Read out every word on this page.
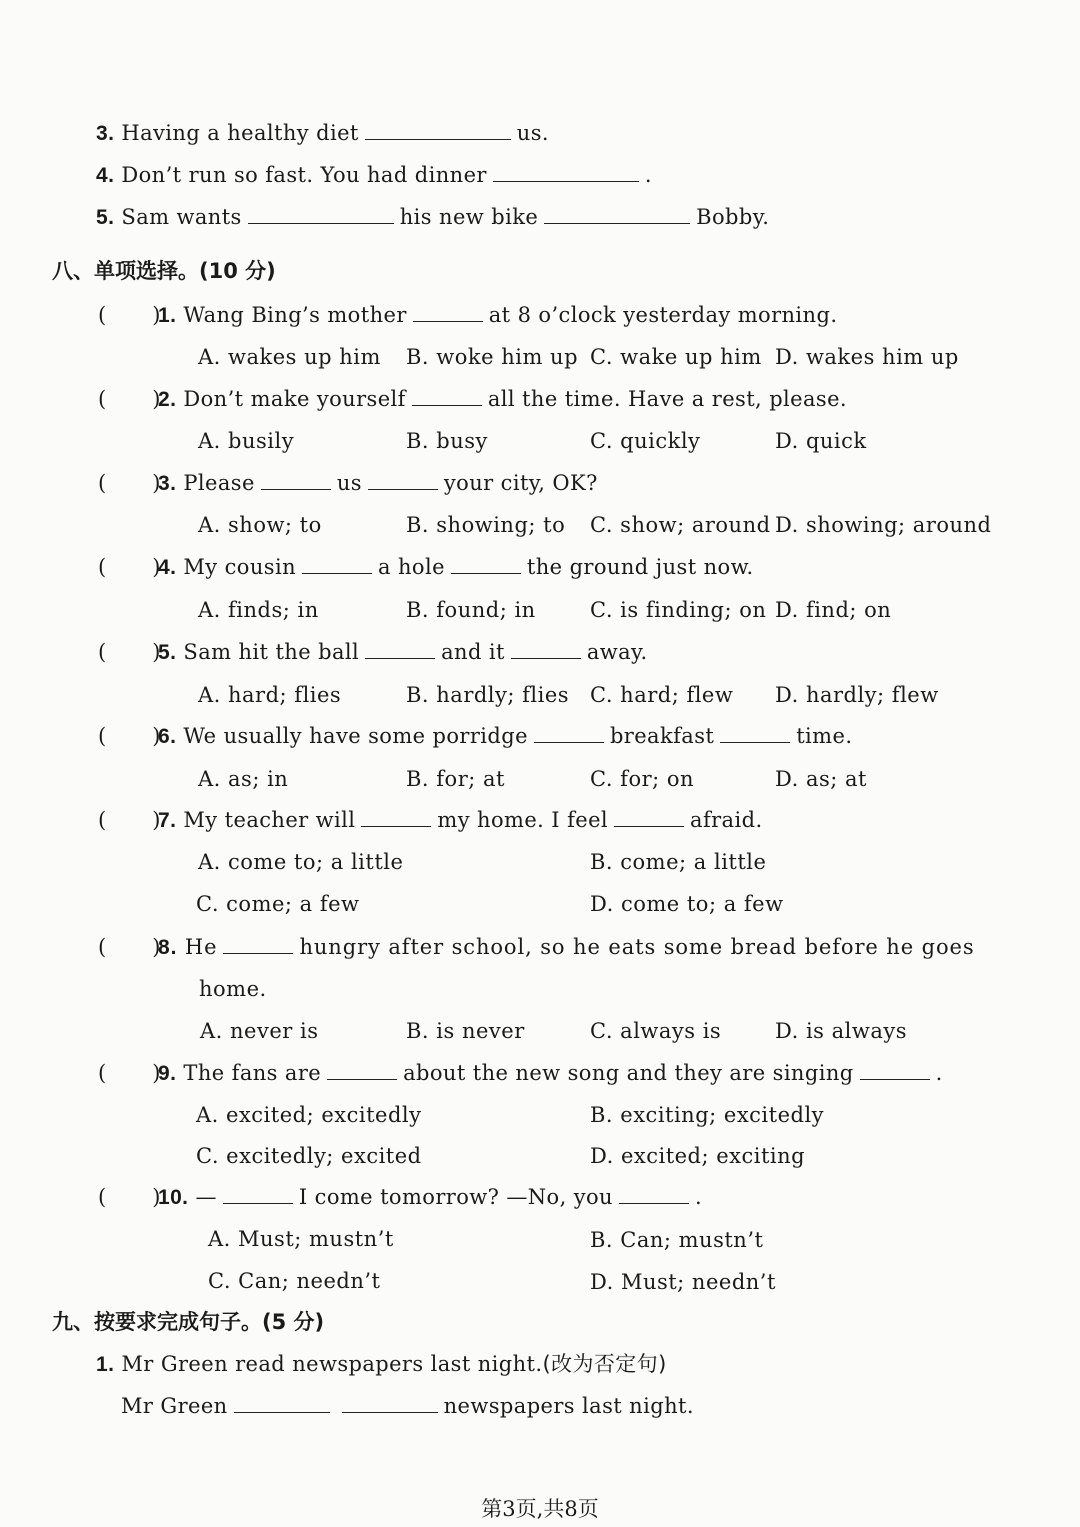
3. Having a healthy diet	us.
4. Don’t run so fast. You had dinner	.
5. Sam wants	his new bike	Bobby.
八、单项选择。(10 分)
( )
1. Wang Bing’s mother	at 8 o’clock yesterday morning.
A. wakes up him B. woke him up C. wake up him D. wakes him up
( )
2. Don’t make yourself	all the time. Have a rest, please.
A. busily	B. busy	C. quickly	D. quick
( )
3. Please	us	your city, OK?
A. show; to	B. showing; to C. show; around D. showing; around
( )
4. My cousin	a hole	the ground just now.
A. finds; in	B. found; in	C. is finding; on D. find; on
( )
5. Sam hit the ball	and it	away.
A. hard; flies	B. hardly; flies C. hard; flew D. hardly; flew
( )
6. We usually have some porridge	breakfast	time.
A. as; in	B. for; at	C. for; on	D. as; at
( )
7. My teacher will	my home. I feel	afraid.
A. come to; a little	B. come; a little
C. come; a few	D. come to; a few
( )
8. He	hungry after school, so he eats some bread before he goes
home.
A. never is	B. is never	C. always is	D. is always
( )
9. The fans are	about the new song and they are singing	.
A. excited; excitedly	B. exciting; excitedly
C. excitedly; excited	D. excited; exciting
( )
10. —	I come tomorrow? —No, you	.
A. Must; mustn’t	B. Can; mustn’t
C. Can; needn’t	D. Must; needn’t
九、按要求完成句子。(5 分)
1. Mr Green read newspapers last night.(改为否定句)
Mr Green	newspapers last night.
第3页,共8页
